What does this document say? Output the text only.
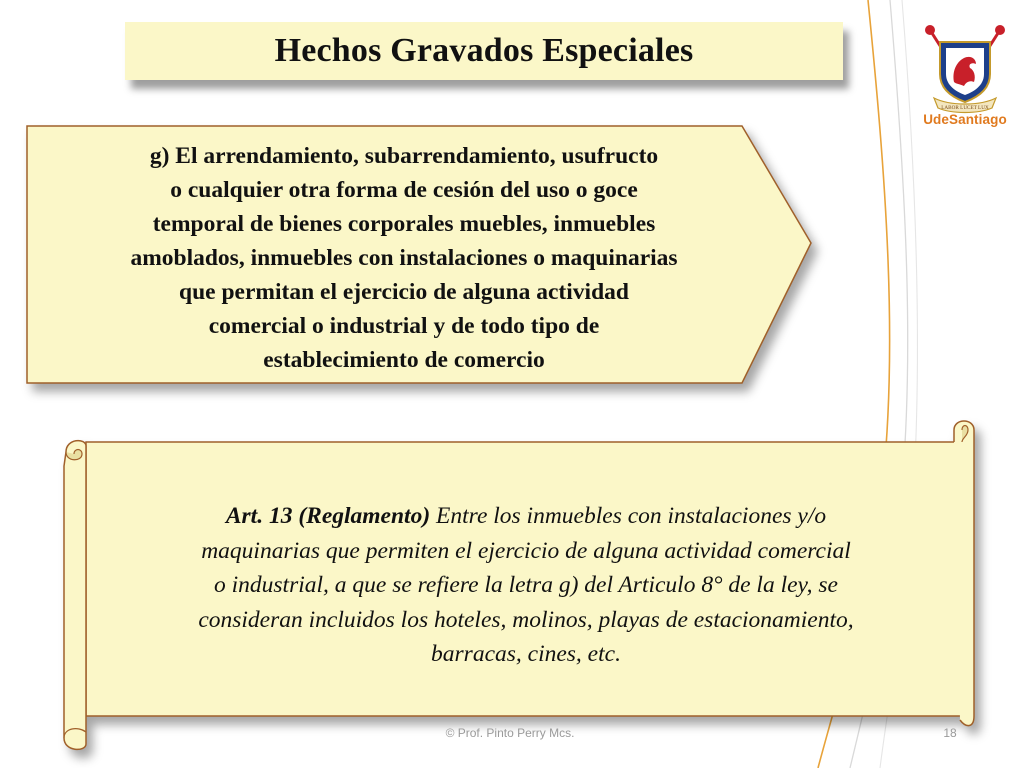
Hechos Gravados Especiales
g) El arrendamiento, subarrendamiento, usufructo
o cualquier otra forma de cesión del uso o goce
temporal de bienes corporales muebles, inmuebles
amoblados, inmuebles con instalaciones o maquinarias
que permitan el ejercicio de alguna actividad
comercial o industrial y de todo tipo de
establecimiento de comercio
Art. 13 (Reglamento) Entre los inmuebles con instalaciones y/o
maquinarias que permiten el ejercicio de alguna actividad comercial
o industrial, a que se refiere la letra g) del Articulo 8° de la ley, se
consideran incluidos los hoteles, molinos, playas de estacionamiento,
barracas, cines, etc.
LABOR LUCET LUX
UdeSantiago
© Prof. Pinto Perry Mcs.	18
